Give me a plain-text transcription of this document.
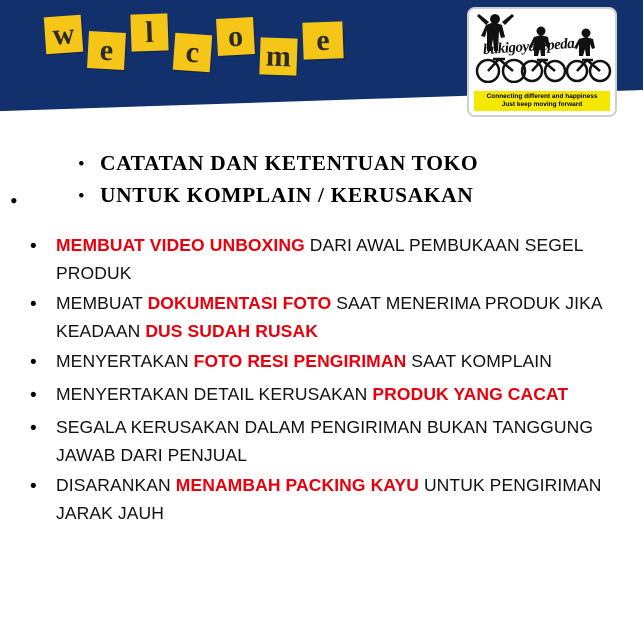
w e
l
c o
m e	bukigoyasepeda
Connecting different and happiness
Just keep moving forward
•
• CATATAN DAN KETENTUAN TOKO
• UNTUK KOMPLAIN / KERUSAKAN
•	MEMBUAT VIDEO UNBOXING DARI AWAL PEMBUKAAN SEGEL PRODUK
•	MEMBUAT DOKUMENTASI FOTO SAAT MENERIMA PRODUK JIKA KEADAAN DUS SUDAH RUSAK
•	MENYERTAKAN FOTO RESI PENGIRIMAN SAAT KOMPLAIN
•	MENYERTAKAN DETAIL KERUSAKAN PRODUK YANG CACAT
•	SEGALA KERUSAKAN DALAM PENGIRIMAN BUKAN TANGGUNG JAWAB DARI PENJUAL
•	DISARANKAN MENAMBAH PACKING KAYU UNTUK PENGIRIMAN JARAK JAUH
